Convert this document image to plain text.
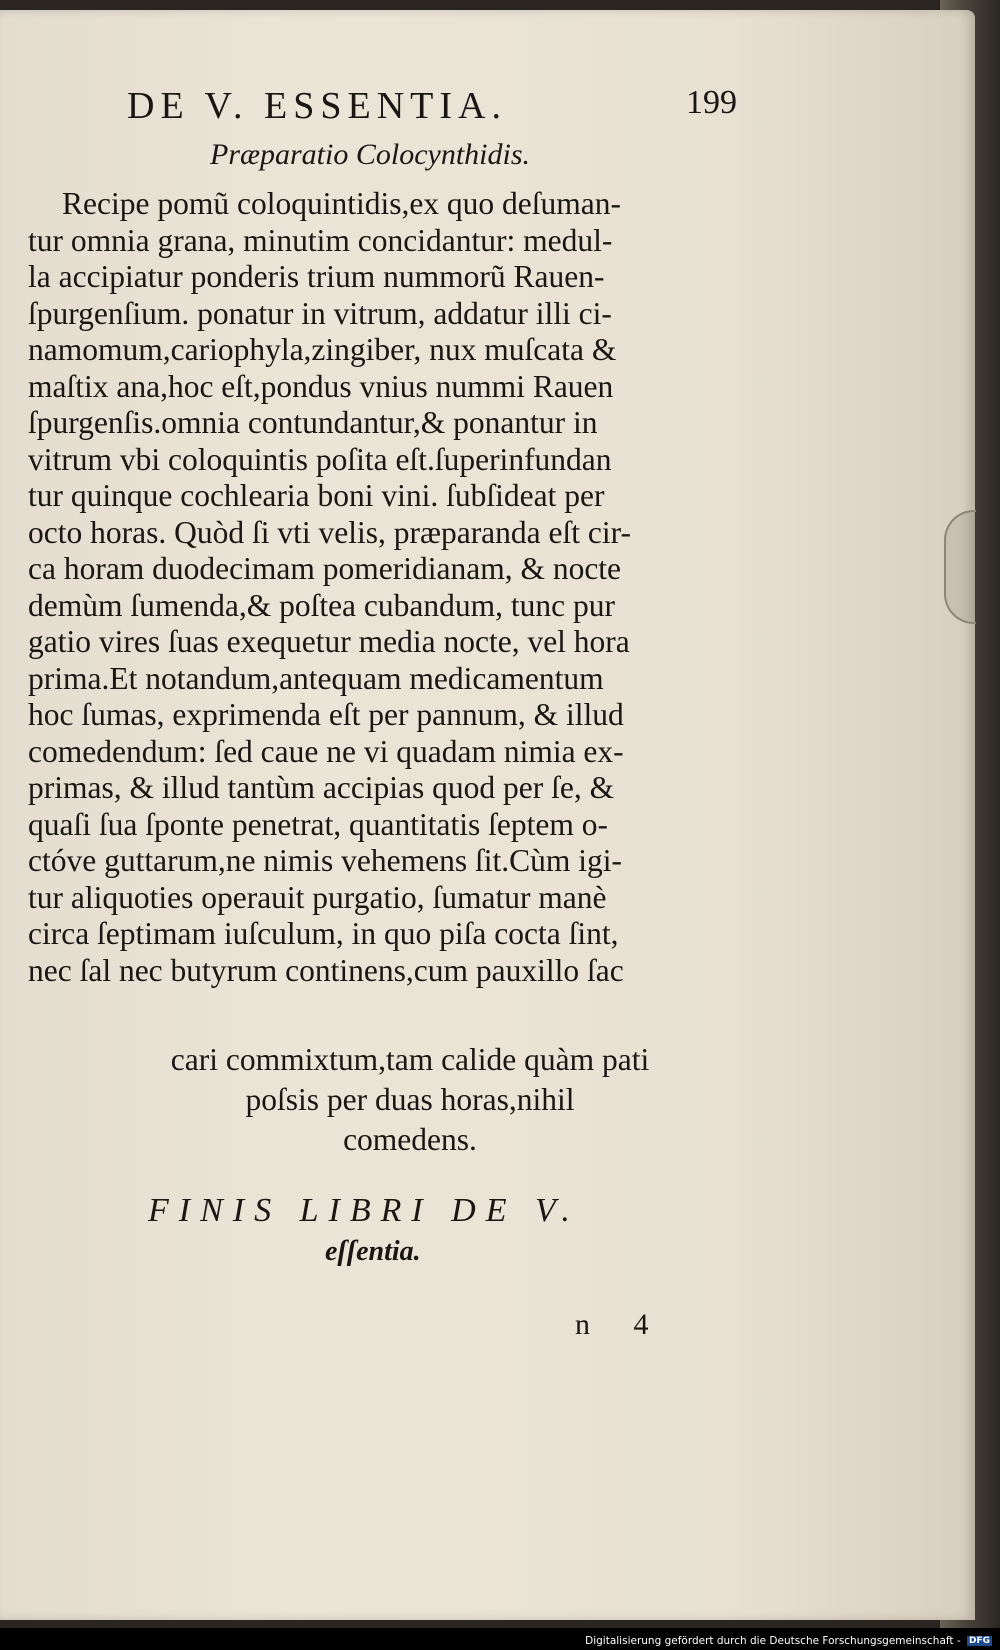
DE V. ESSENTIA.	199
Præparatio Colocynthidis.
Recipe pomũ coloquintidis,ex quo deſuman-
tur omnia grana, minutim concidantur: medul-
la accipiatur ponderis trium nummorũ Rauen-
ſpurgenſium. ponatur in vitrum, addatur illi ci-
namomum,cariophyla,zingiber, nux muſcata &
maſtix ana,hoc eſt,pondus vnius nummi Rauen
ſpurgenſis.omnia contundantur,& ponantur in
vitrum vbi coloquintis poſita eſt.ſuperinfundan
tur quinque cochlearia boni vini. ſubſideat per
octo horas. Quòd ſi vti velis, præparanda eſt cir-
ca horam duodecimam pomeridianam, & nocte
demùm ſumenda,& poſtea cubandum, tunc pur
gatio vires ſuas exequetur media nocte, vel hora
prima.Et notandum,antequam medicamentum
hoc ſumas, exprimenda eſt per pannum, & illud
comedendum: ſed caue ne vi quadam nimia ex-
primas, & illud tantùm accipias quod per ſe, &
quaſi ſua ſponte penetrat, quantitatis ſeptem o-
ctóve guttarum,ne nimis vehemens ſit.Cùm igi-
tur aliquoties operauit purgatio, ſumatur manè
circa ſeptimam iuſculum, in quo piſa cocta ſint,
nec ſal nec butyrum continens,cum pauxillo ſac
cari commixtum,tam calide quàm pati
poſsis per duas horas,nihil
comedens.
FINIS LIBRI DE V.
eſſentia.
n 4
Digitalisierung gefördert durch die Deutsche Forschungsgemeinschaft - DFG
